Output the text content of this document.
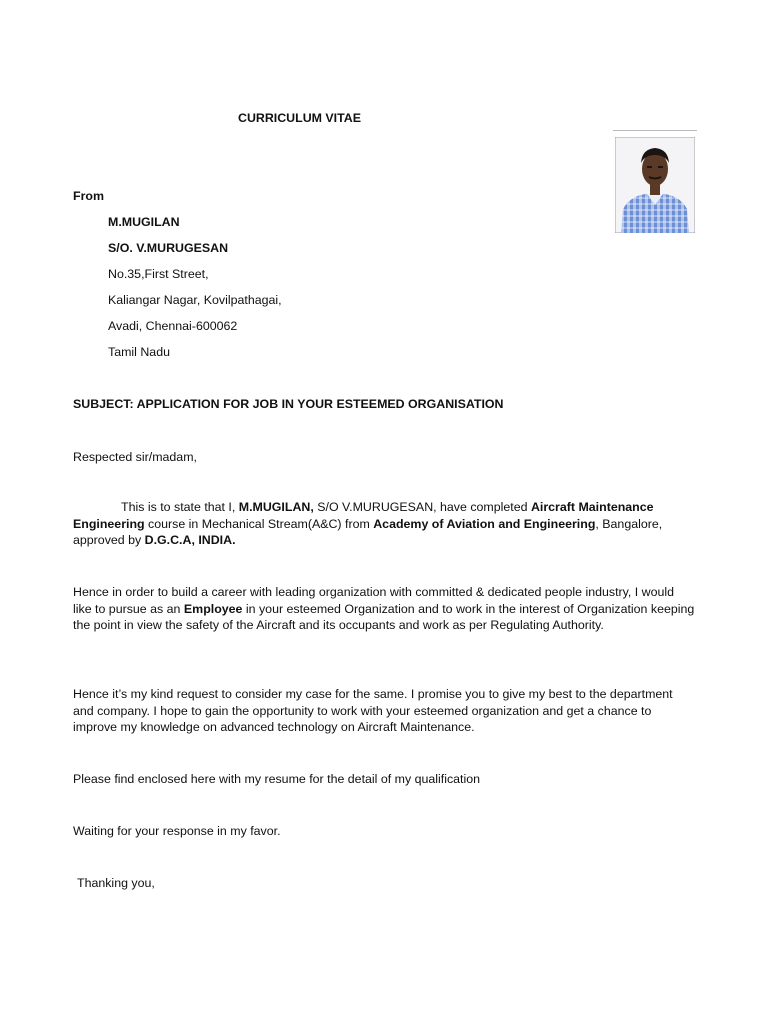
CURRICULUM VITAE
From
M.MUGILAN
S/O. V.MURUGESAN
No.35,First Street,
Kaliangar Nagar, Kovilpathagai,
Avadi, Chennai-600062
Tamil Nadu
SUBJECT: APPLICATION FOR JOB IN YOUR ESTEEMED ORGANISATION
Respected sir/madam,
This is to state that I, M.MUGILAN, S/O V.MURUGESAN, have completed Aircraft Maintenance Engineering course in Mechanical Stream(A&C) from Academy of Aviation and Engineering, Bangalore, approved by D.G.C.A, INDIA.
Hence in order to build a career with leading organization with committed & dedicated people industry, I would like to pursue as an Employee in your esteemed Organization and to work in the interest of Organization keeping the point in view the safety of the Aircraft and its occupants and work as per Regulating Authority.
Hence it’s my kind request to consider my case for the same. I promise you to give my best to the department and company. I hope to gain the opportunity to work with your esteemed organization and get a chance to improve my knowledge on advanced technology on Aircraft Maintenance.
Please find enclosed here with my resume for the detail of my qualification
Waiting for your response in my favor.
Thanking you,
